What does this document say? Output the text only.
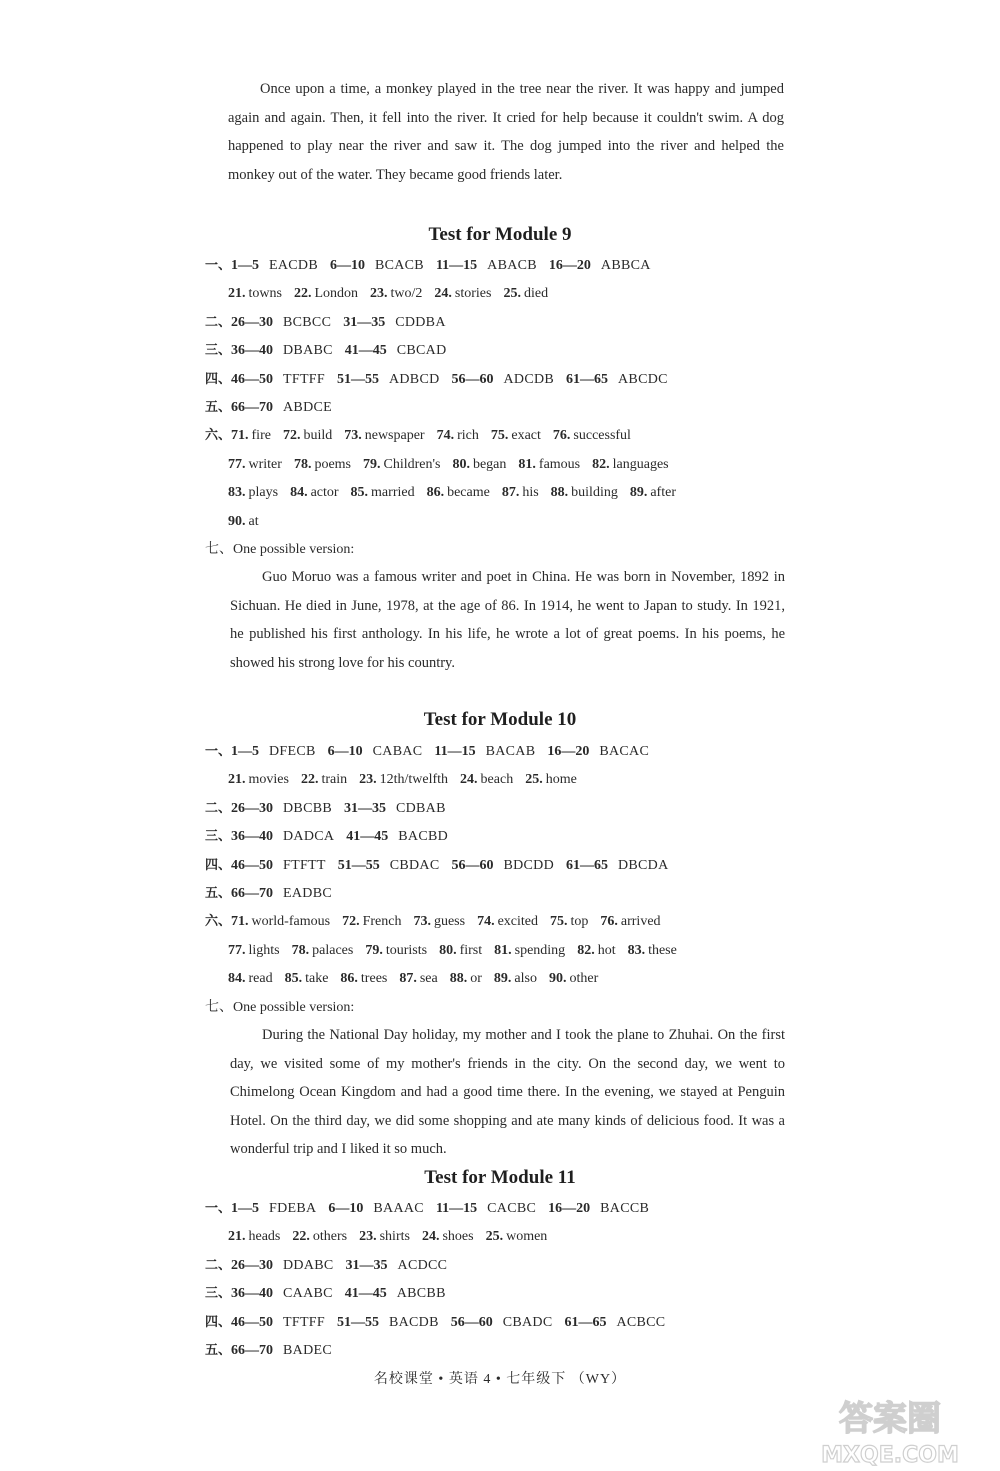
Once upon a time, a monkey played in the tree near the river. It was happy and jumped again and again. Then, it fell into the river. It cried for help because it couldn't swim. A dog happened to play near the river and saw it. The dog jumped into the river and helped the monkey out of the water. They became good friends later.

Test for Module 9
一、1—5 EACDB 6—10 BCACB 11—15 ABACB 16—20 ABBCA
21. towns 22. London 23. two/2 24. stories 25. died
二、26—30 BCBCC 31—35 CDDBA
三、36—40 DBABC 41—45 CBCAD
四、46—50 TFTFF 51—55 ADBCD 56—60 ADCDB 61—65 ABCDC
五、66—70 ABDCE
六、71. fire 72. build 73. newspaper 74. rich 75. exact 76. successful
77. writer 78. poems 79. Children's 80. began 81. famous 82. languages
83. plays 84. actor 85. married 86. became 87. his 88. building 89. after
90. at
七、One possible version:

Guo Moruo was a famous writer and poet in China. He was born in November, 1892 in Sichuan. He died in June, 1978, at the age of 86. In 1914, he went to Japan to study. In 1921, he published his first anthology. In his life, he wrote a lot of great poems. In his poems, he showed his strong love for his country.

Test for Module 10
一、1—5 DFECB 6—10 CABAC 11—15 BACAB 16—20 BACAC
21. movies 22. train 23. 12th/twelfth 24. beach 25. home
二、26—30 DBCBB 31—35 CDBAB
三、36—40 DADCA 41—45 BACBD
四、46—50 FTFTT 51—55 CBDAC 56—60 BDCDD 61—65 DBCDA
五、66—70 EADBC
六、71. world-famous 72. French 73. guess 74. excited 75. top 76. arrived
77. lights 78. palaces 79. tourists 80. first 81. spending 82. hot 83. these
84. read 85. take 86. trees 87. sea 88. or 89. also 90. other
七、One possible version:

During the National Day holiday, my mother and I took the plane to Zhuhai. On the first day, we visited some of my mother's friends in the city. On the second day, we went to Chimelong Ocean Kingdom and had a good time there. In the evening, we stayed at Penguin Hotel. On the third day, we did some shopping and ate many kinds of delicious food. It was a wonderful trip and I liked it so much.

Test for Module 11
一、1—5 FDEBA 6—10 BAAAC 11—15 CACBC 16—20 BACCB
21. heads 22. others 23. shirts 24. shoes 25. women
二、26—30 DDABC 31—35 ACDCC
三、36—40 CAABC 41—45 ABCBB
四、46—50 TFTFF 51—55 BACDB 56—60 CBADC 61—65 ACBCC
五、66—70 BADEC
名校课堂 • 英语 4 • 七年级下 （WY）
答案圈
MXQE.COM
